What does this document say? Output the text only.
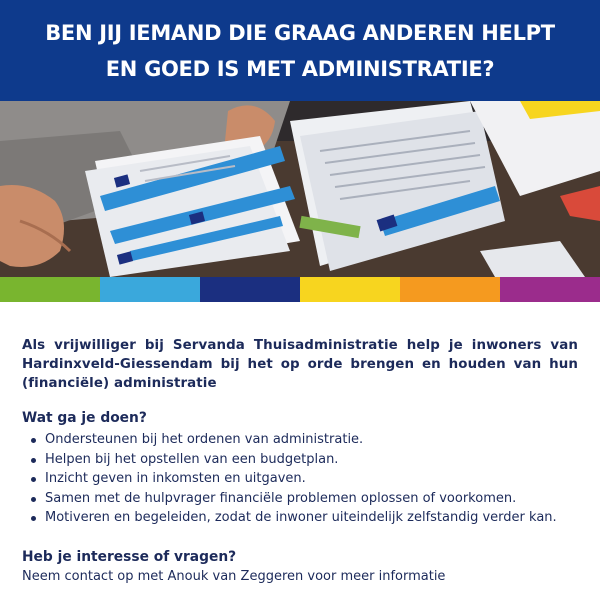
BEN JIJ IEMAND DIE GRAAG ANDEREN HELPT
EN GOED IS MET ADMINISTRATIE?

Als vrijwilliger bij Servanda Thuisadministratie help je inwoners van Hardinxveld-Giessendam bij het op orde brengen en houden van hun (financiële) administratie

Wat ga je doen?
Ondersteunen bij het ordenen van administratie.
Helpen bij het opstellen van een budgetplan.
Inzicht geven in inkomsten en uitgaven.
Samen met de hulpvrager financiële problemen oplossen of voorkomen.
Motiveren en begeleiden, zodat de inwoner uiteindelijk zelfstandig verder kan.
Heb je interesse of vragen?
Neem contact op met Anouk van Zeggeren voor meer informatie
